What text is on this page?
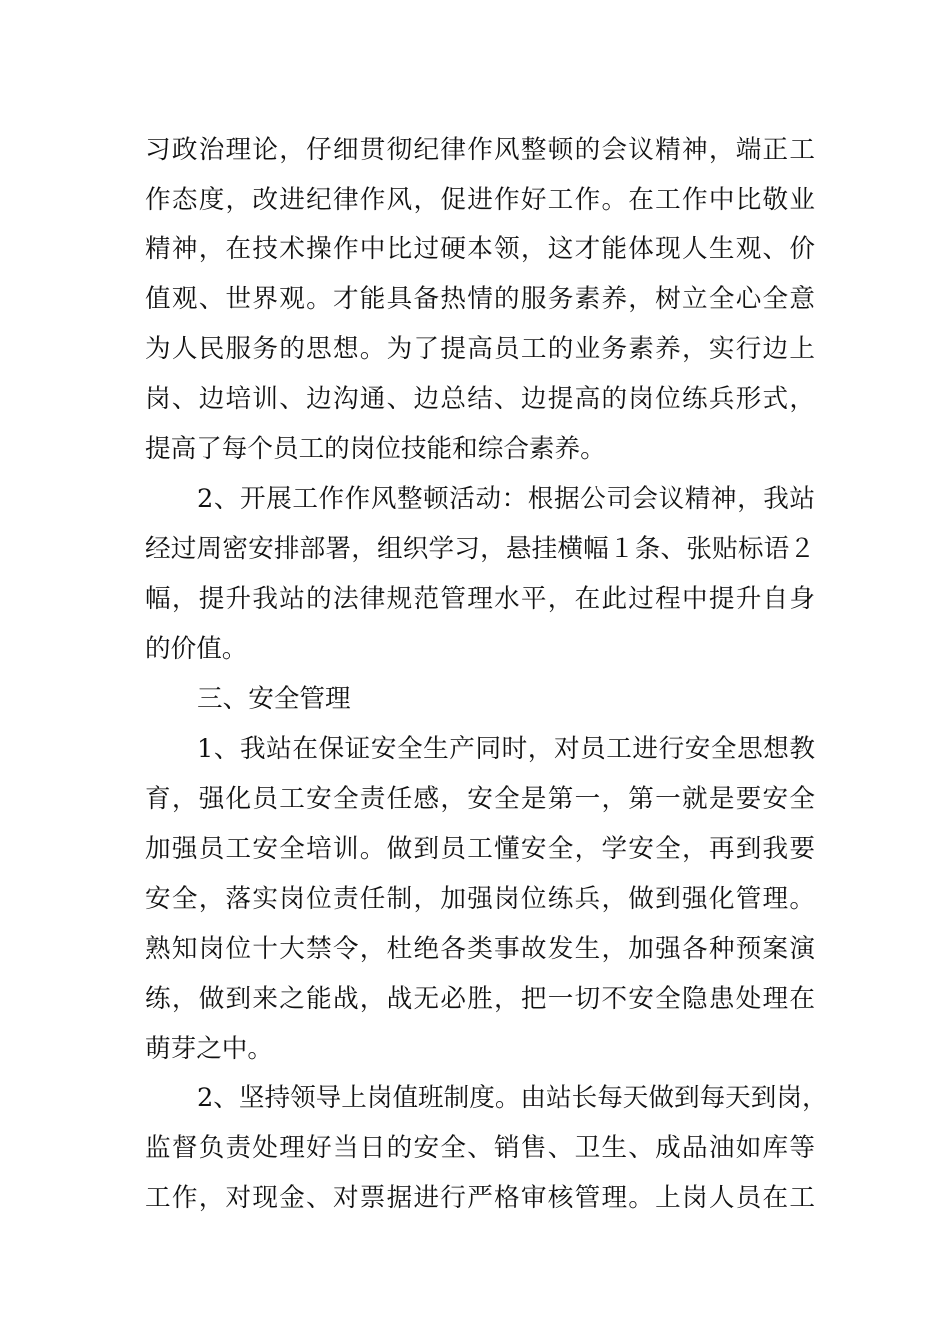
习政治理论，仔细贯彻纪律作风整顿的会议精神，端正工
作态度，改进纪律作风，促进作好工作。在工作中比敬业
精神，在技术操作中比过硬本领，这才能体现人生观、价
值观、世界观。才能具备热情的服务素养，树立全心全意
为人民服务的思想。为了提高员工的业务素养，实行边上
岗、边培训、边沟通、边总结、边提高的岗位练兵形式，
提高了每个员工的岗位技能和综合素养。
2、开展工作作风整顿活动：根据公司会议精神，我站
经过周密安排部署，组织学习，悬挂横幅１条、张贴标语２
幅，提升我站的法律规范管理水平，在此过程中提升自身
的价值。
三、安全管理
1、我站在保证安全生产同时，对员工进行安全思想教
育，强化员工安全责任感，安全是第一，第一就是要安全
加强员工安全培训。做到员工懂安全，学安全，再到我要
安全，落实岗位责任制，加强岗位练兵，做到强化管理。
熟知岗位十大禁令，杜绝各类事故发生，加强各种预案演
练，做到来之能战，战无必胜，把一切不安全隐患处理在
萌芽之中。
2、坚持领导上岗值班制度。由站长每天做到每天到岗，
监督负责处理好当日的安全、销售、卫生、成品油如库等
工作，对现金、对票据进行严格审核管理。上岗人员在工
